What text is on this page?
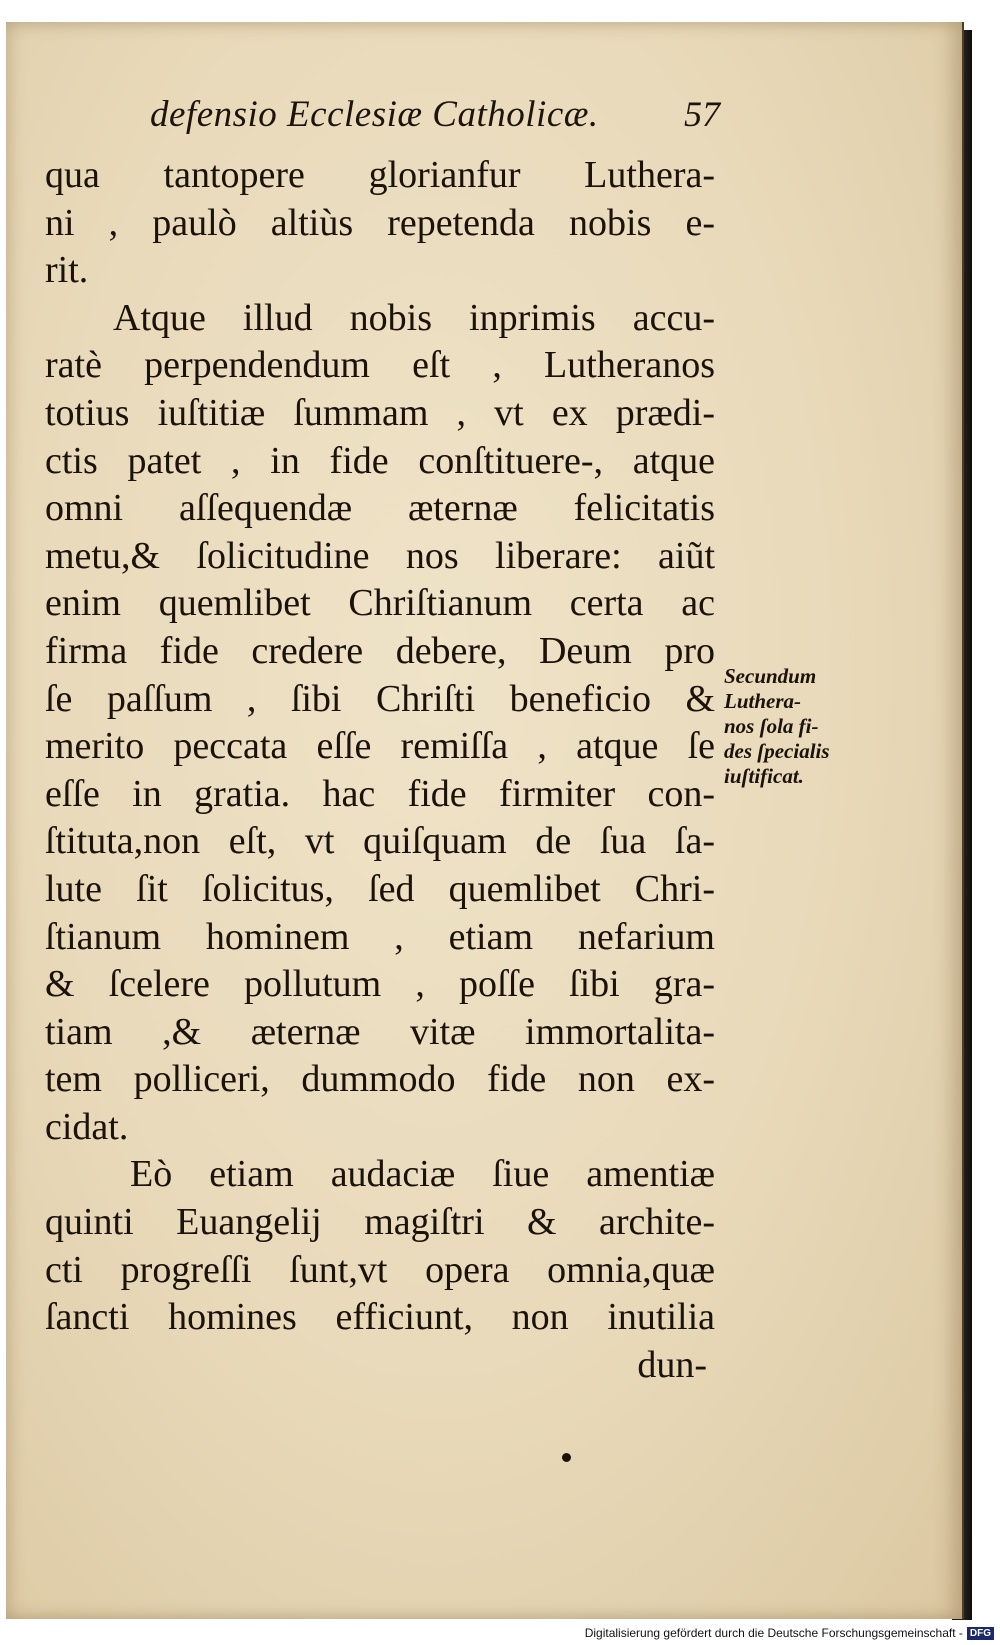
defensio Ecclesiæ Catholicæ. 57
qua tantopere glorianfur Luthera-
ni , paulò altiùs repetenda nobis e-
rit.
Atque illud nobis inprimis accu-
ratè perpendendum eſt , Lutheranos
totius iuſtitiæ ſummam , vt ex prædi-
ctis patet , in fide conſtituere-, atque
omni aſſequendæ æternæ felicitatis
metu,& ſolicitudine nos liberare: aiũt
enim quemlibet Chriſtianum certa ac
firma fide credere debere, Deum pro
ſe paſſum , ſibi Chriſti beneficio &
merito peccata eſſe remiſſa , atque ſe
eſſe in gratia. hac fide firmiter con-
ſtituta,non eſt, vt quiſquam de ſua ſa-
lute ſit ſolicitus, ſed quemlibet Chri-
ſtianum hominem , etiam nefarium
& ſcelere pollutum , poſſe ſibi gra-
tiam ,& æternæ vitæ immortalita-
tem polliceri, dummodo fide non ex-
cidat.
Eò etiam audaciæ ſiue amentiæ
quinti Euangelij magiſtri & archite-
cti progreſſi ſunt,vt opera omnia,quæ
ſancti homines efficiunt, non inutilia
dun-
Secundum
Luthera-
nos ſola fi-
des ſpecialis
iuſtificat.
Digitalisierung gefördert durch die Deutsche Forschungsgemeinschaft - DFG
